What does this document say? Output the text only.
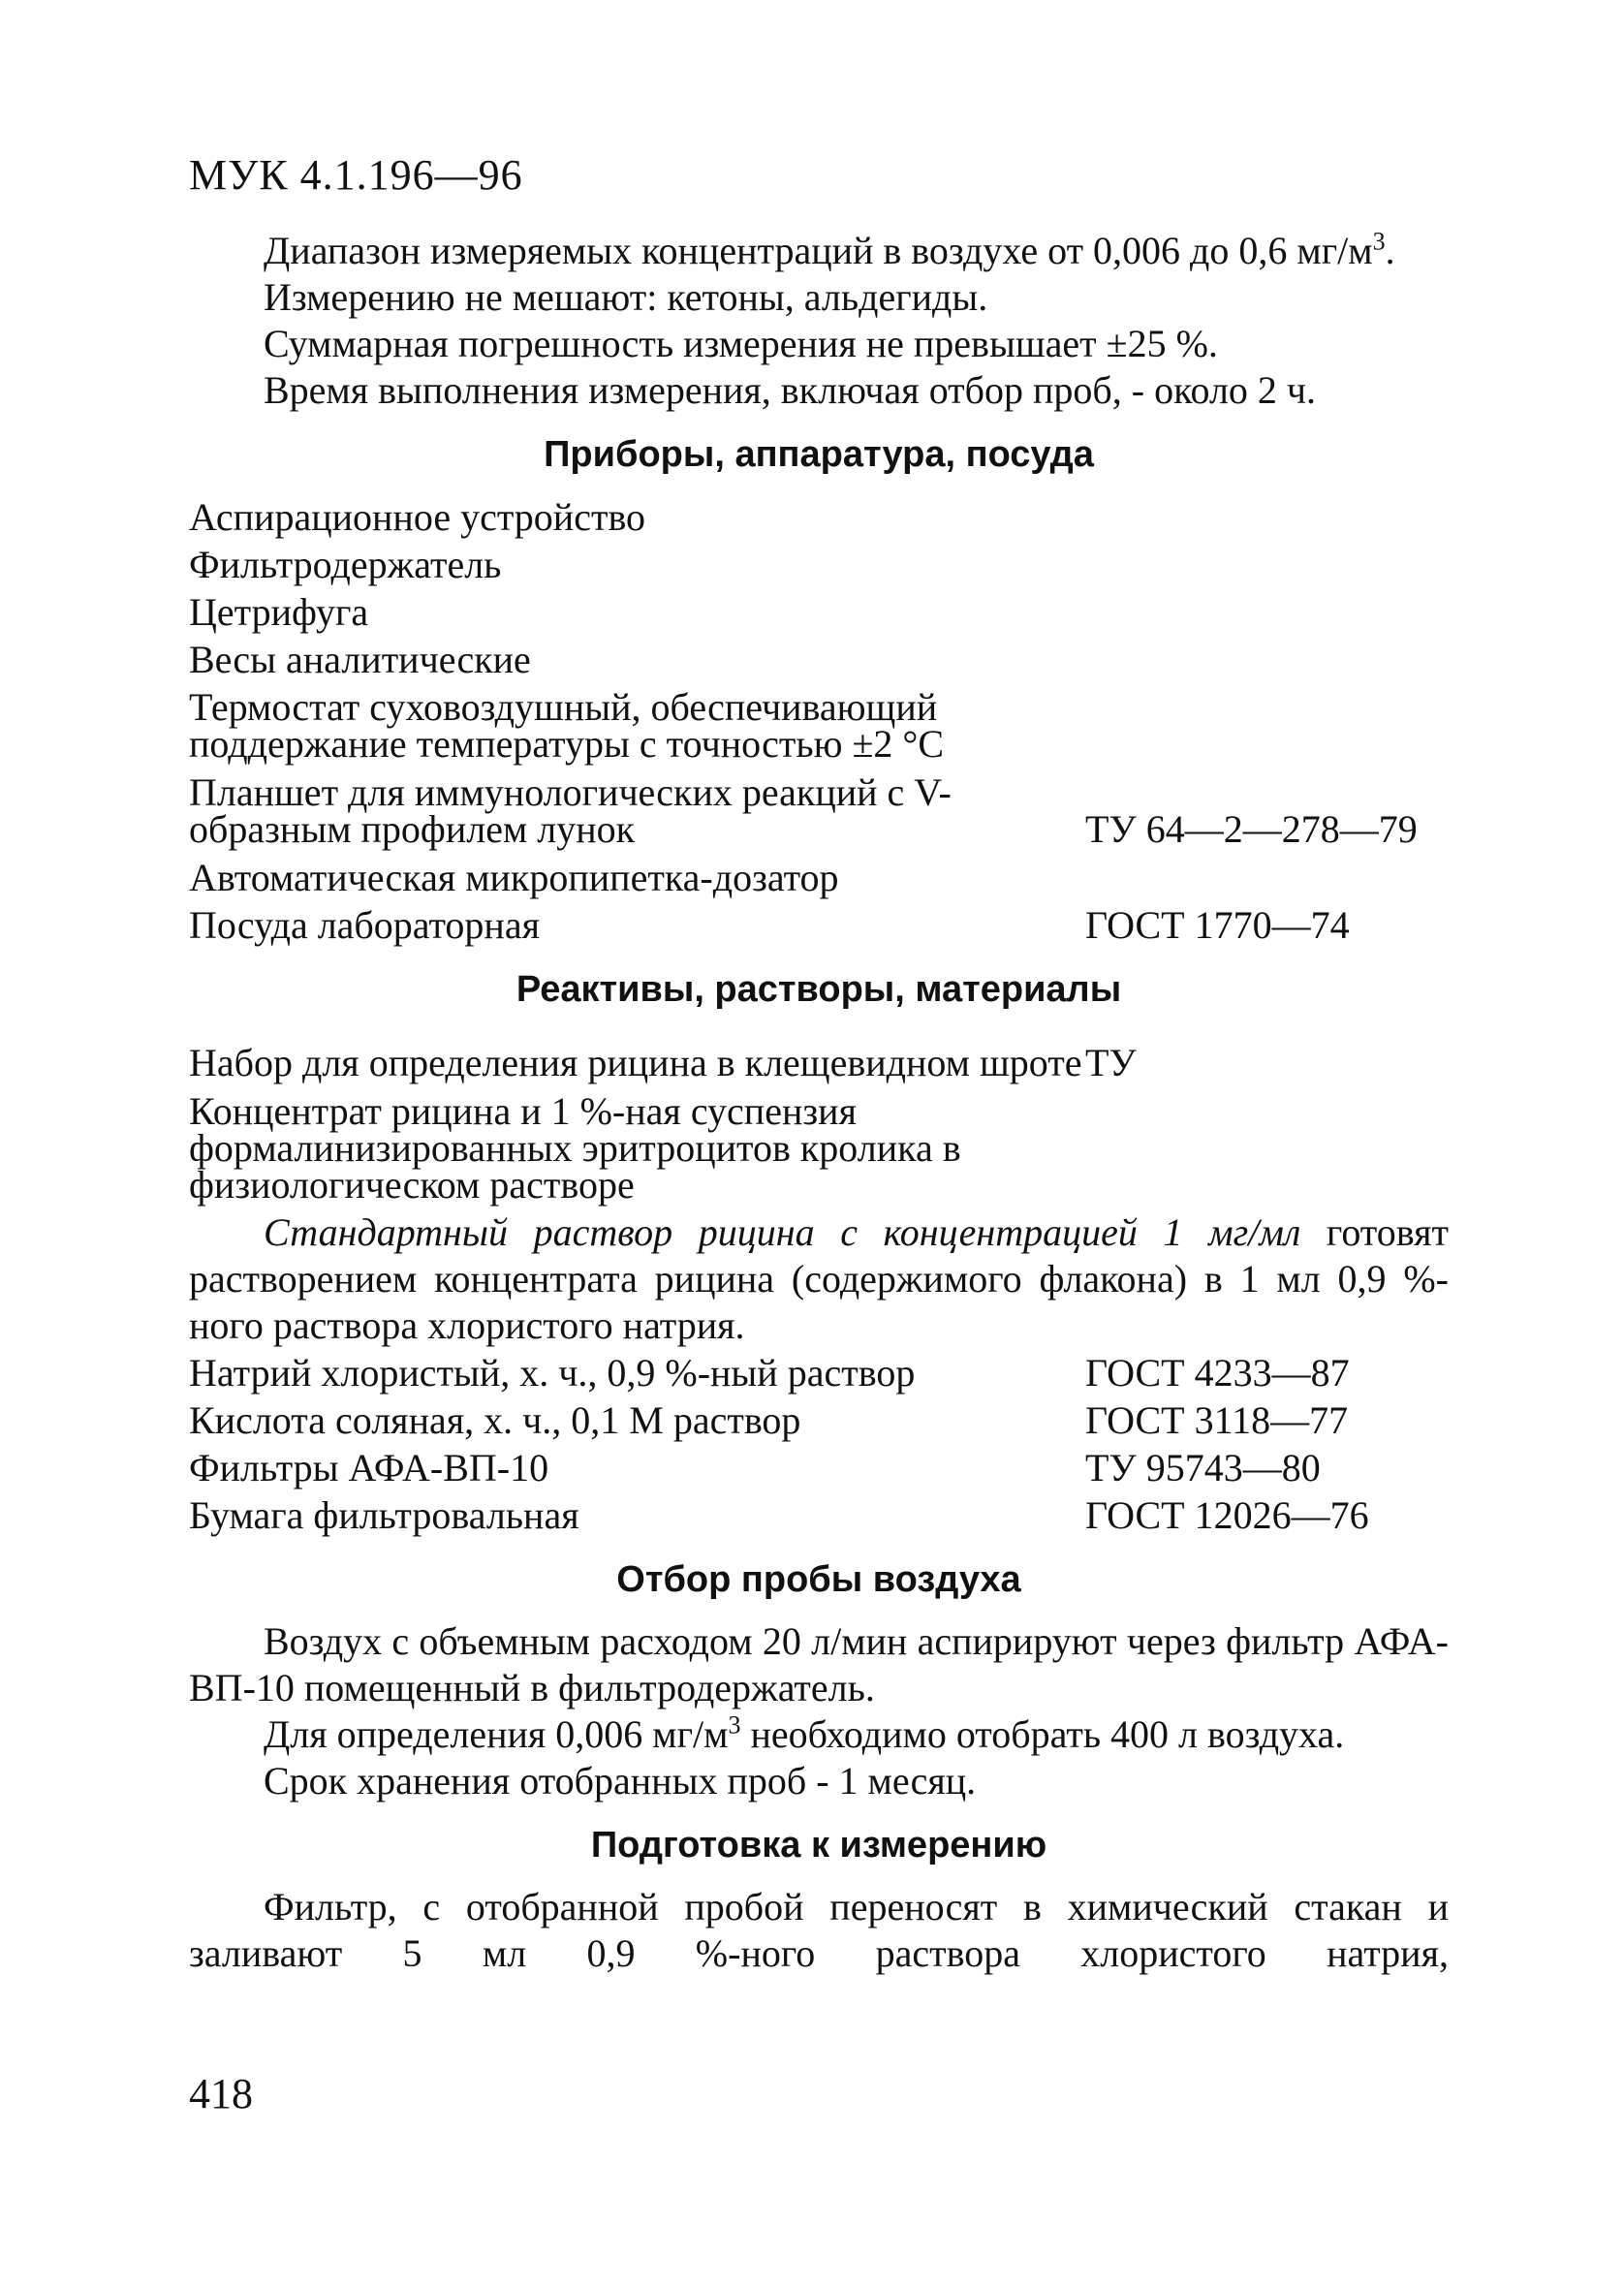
МУК 4.1.196—96

Диапазон измеряемых концентраций в воздухе от 0,006 до 0,6 $мг/м^3$.

Измерению не мешают: кетоны, альдегиды.

Суммарная погрешность измерения не превышает ±25 %.

Время выполнения измерения, включая отбор проб, - около 2 ч.

Приборы, аппаратура, посуда
Аспирационное устройство
Фильтродержатель
Цетрифуга
Весы аналитические
Термостат суховоздушный, обеспечивающий поддержание температуры с точностью ±2 °С
Планшет для иммунологических реакций с V-образным профилем лунок	ТУ 64—2—278—79
Автоматическая микропипетка-дозатор
Посуда лабораторная	ГОСТ 1770—74
Реактивы, растворы, материалы
Набор для определения рицина в клещевидном шроте ТУ
Концентрат рицина и 1 %-ная суспензия формалинизированных эритроцитов кролика в физиологическом растворе

Стандартный раствор рицина с концентрацией 1 мг/мл готовят растворением концентрата рицина (содержимого флакона) в 1 мл 0,9 %-ного раствора хлористого натрия.

Натрий хлористый, х. ч., 0,9 %-ный раствор	ГОСТ 4233—87
Кислота соляная, х. ч., 0,1 М раствор	ГОСТ 3118—77
Фильтры АФА-ВП-10	ТУ 95743—80
Бумага фильтровальная	ГОСТ 12026—76
Отбор пробы воздуха

Воздух с объемным расходом 20 л/мин аспирируют через фильтр АФА-ВП-10 помещенный в фильтродержатель.

Для определения 0,006 $мг/м^3$ необходимо отобрать 400 л воздуха.

Срок хранения отобранных проб - 1 месяц.

Подготовка к измерению

Фильтр, с отобранной пробой переносят в химический стакан и заливают 5 мл 0,9 %-ного раствора хлористого натрия,

418
